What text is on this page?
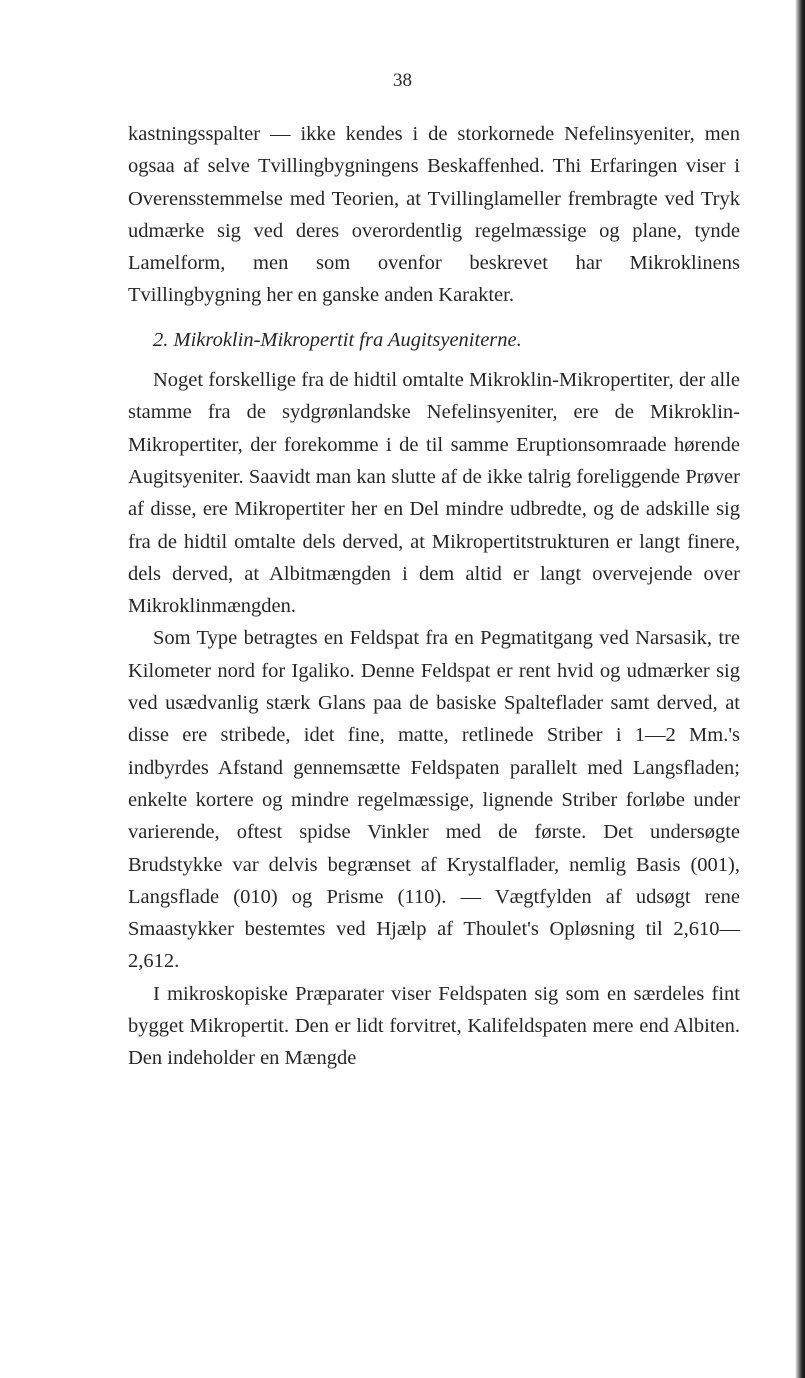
38

kastningsspalter — ikke kendes i de storkornede Nefelinsyeniter, men ogsaa af selve Tvillingbygningens Beskaffenhed. Thi Erfaringen viser i Overensstemmelse med Teorien, at Tvillinglameller frembragte ved Tryk udmærke sig ved deres overordentlig regelmæssige og plane, tynde Lamelform, men som ovenfor beskrevet har Mikroklinens Tvillingbygning her en ganske anden Karakter.

2. Mikroklin-Mikropertit fra Augitsyeniterne.

Noget forskellige fra de hidtil omtalte Mikroklin-Mikropertiter, der alle stamme fra de sydgrønlandske Nefelinsyeniter, ere de Mikroklin-Mikropertiter, der forekomme i de til samme Eruptionsomraade hørende Augitsyeniter. Saavidt man kan slutte af de ikke talrig foreliggende Prøver af disse, ere Mikropertiter her en Del mindre udbredte, og de adskille sig fra de hidtil omtalte dels derved, at Mikropertitstrukturen er langt finere, dels derved, at Albitmængden i dem altid er langt overvejende over Mikroklinmængden.

Som Type betragtes en Feldspat fra en Pegmatitgang ved Narsasik, tre Kilometer nord for Igaliko. Denne Feldspat er rent hvid og udmærker sig ved usædvanlig stærk Glans paa de basiske Spalteflader samt derved, at disse ere stribede, idet fine, matte, retlinede Striber i 1—2 Mm.'s indbyrdes Afstand gennemsætte Feldspaten parallelt med Langsfladen; enkelte kortere og mindre regelmæssige, lignende Striber forløbe under varierende, oftest spidse Vinkler med de første. Det undersøgte Brudstykke var delvis begrænset af Krystalflader, nemlig Basis (001), Langsflade (010) og Prisme (110). — Vægtfylden af udsøgt rene Smaastykker bestemtes ved Hjælp af Thoulet's Opløsning til 2,610—2,612.

I mikroskopiske Præparater viser Feldspaten sig som en særdeles fint bygget Mikropertit. Den er lidt forvitret, Kalifeldspaten mere end Albiten. Den indeholder en Mængde
